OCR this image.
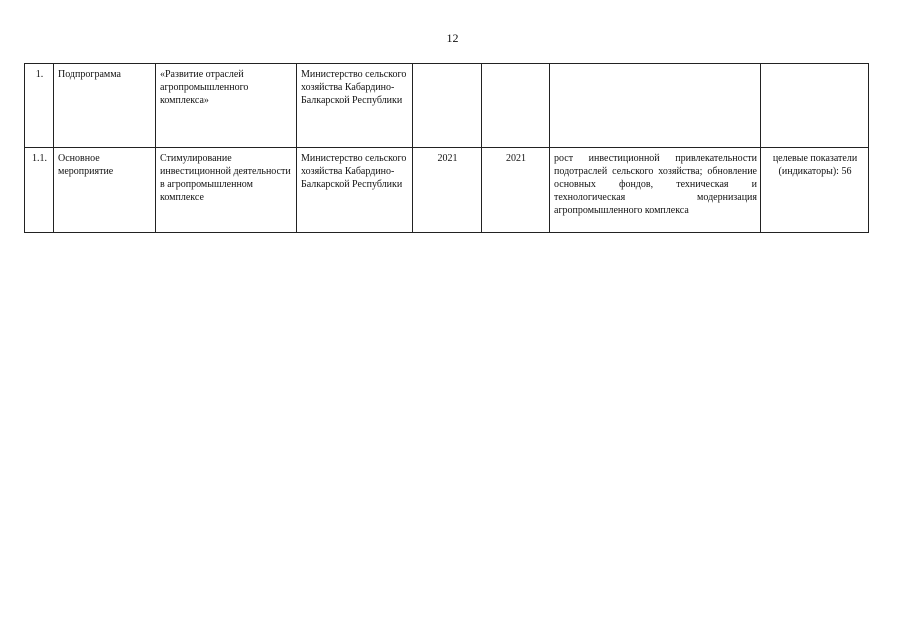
12
1.	Подпрограмма	«Развитие отраслей агропромышленного комплекса»	Министерство сельского хозяйства Кабардино-Балкарской Республики				
1.1.	Основное мероприятие	Стимулирование инвестиционной деятельности в агропромышленном комплексе	Министерство сельского хозяйства Кабардино-Балкарской Республики	2021	2021	рост инвестиционной привлекательности подотраслей сельского хозяйства; обновление основных фондов, техническая и технологическая модернизация агропромышленного комплекса	целевые показатели (индикаторы): 56
